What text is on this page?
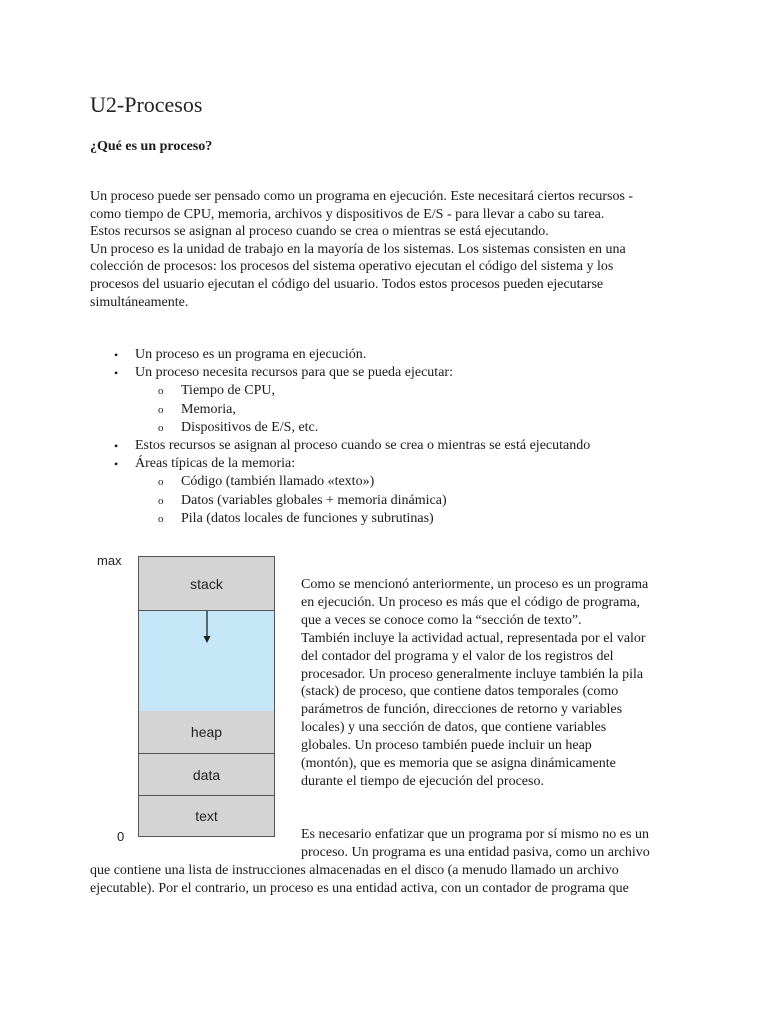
U2-Procesos
¿Qué es un proceso?

Un proceso puede ser pensado como un programa en ejecución. Este necesitará ciertos recursos -
como tiempo de CPU, memoria, archivos y dispositivos de E/S - para llevar a cabo su tarea.
Estos recursos se asignan al proceso cuando se crea o mientras se está ejecutando.
Un proceso es la unidad de trabajo en la mayoría de los sistemas. Los sistemas consisten en una
colección de procesos: los procesos del sistema operativo ejecutan el código del sistema y los
procesos del usuario ejecutan el código del usuario. Todos estos procesos pueden ejecutarse
simultáneamente.

• Un proceso es un programa en ejecución.
• Un proceso necesita recursos para que se pueda ejecutar:
o Tiempo de CPU,
o Memoria,
o Dispositivos de E/S, etc.
• Estos recursos se asignan al proceso cuando se crea o mientras se está ejecutando
• Áreas típicas de la memoria:
o Código (también llamado «texto»)
o Datos (variables globales + memoria dinámica)
o Pila (datos locales de funciones y subrutinas)
max
0
stack
heap
data
text

Como se mencionó anteriormente, un proceso es un programa
en ejecución. Un proceso es más que el código de programa,
que a veces se conoce como la “sección de texto”.
También incluye la actividad actual, representada por el valor
del contador del programa y el valor de los registros del
procesador. Un proceso generalmente incluye también la pila
(stack) de proceso, que contiene datos temporales (como
parámetros de función, direcciones de retorno y variables
locales) y una sección de datos, que contiene variables
globales. Un proceso también puede incluir un heap
(montón), que es memoria que se asigna dinámicamente
durante el tiempo de ejecución del proceso.

Es necesario enfatizar que un programa por sí mismo no es un
proceso. Un programa es una entidad pasiva, como un archivo

que contiene una lista de instrucciones almacenadas en el disco (a menudo llamado un archivo
ejecutable). Por el contrario, un proceso es una entidad activa, con un contador de programa que
